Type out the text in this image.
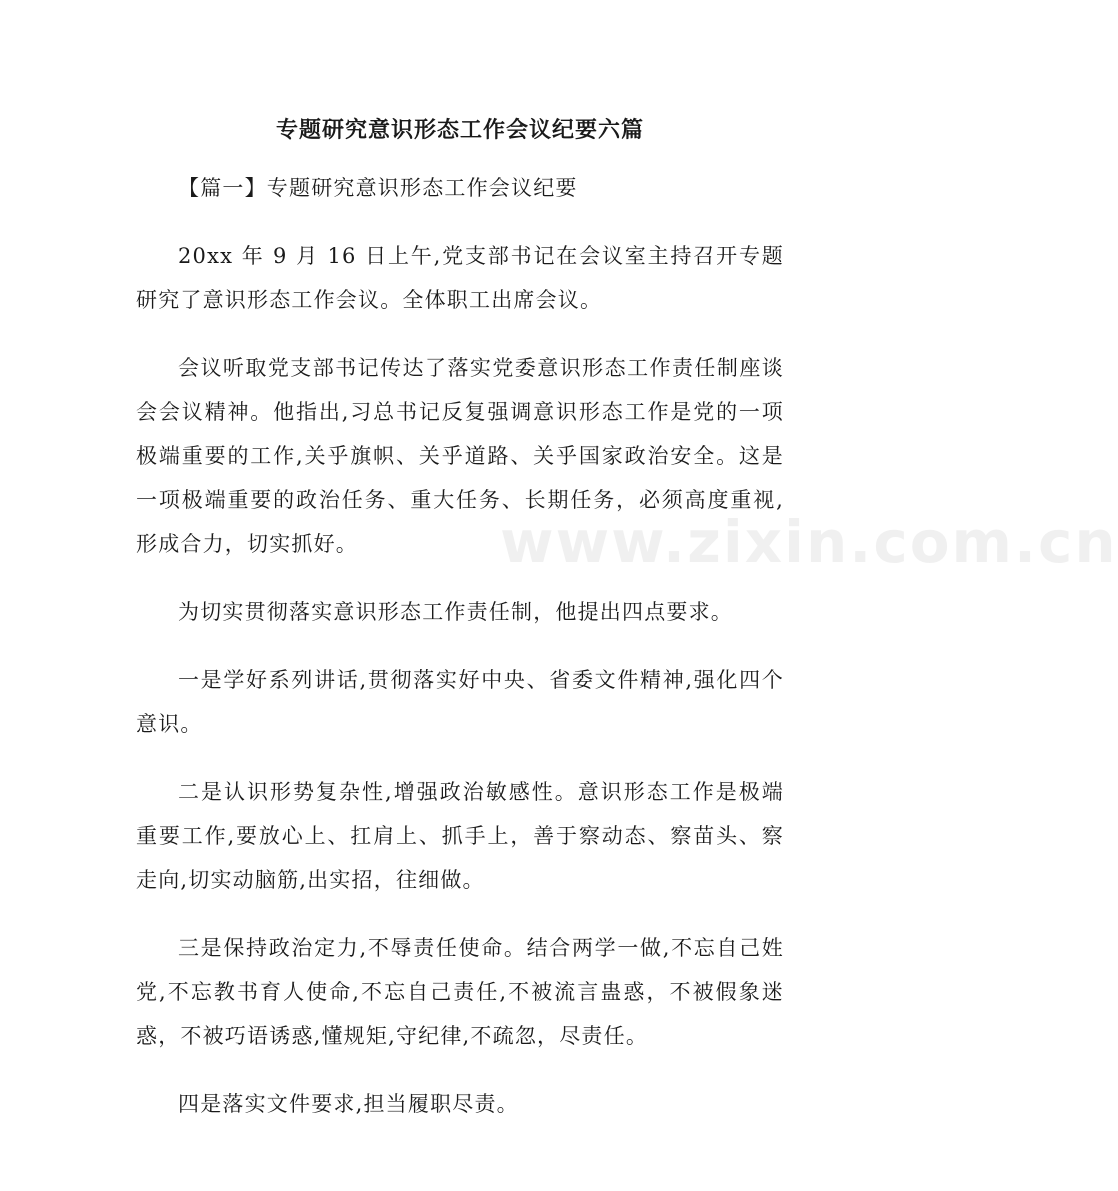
专题研究意识形态工作会议纪要六篇

【篇一】专题研究意识形态工作会议纪要

20xx 年 9 月 16 日上午,党支部书记在会议室主持召开专题研究了意识形态工作会议。全体职工出席会议。

会议听取党支部书记传达了落实党委意识形态工作责任制座谈会会议精神。他指出,习总书记反复强调意识形态工作是党的一项极端重要的工作,关乎旗帜、关乎道路、关乎国家政治安全。这是一项极端重要的政治任务、重大任务、长期任务，必须高度重视,形成合力，切实抓好。

为切实贯彻落实意识形态工作责任制，他提出四点要求。

一是学好系列讲话,贯彻落实好中央、省委文件精神,强化四个意识。

二是认识形势复杂性,增强政治敏感性。意识形态工作是极端重要工作,要放心上、扛肩上、抓手上，善于察动态、察苗头、察走向,切实动脑筋,出实招，往细做。

三是保持政治定力,不辱责任使命。结合两学一做,不忘自己姓党,不忘教书育人使命,不忘自己责任,不被流言蛊惑，不被假象迷惑，不被巧语诱惑,懂规矩,守纪律,不疏忽，尽责任。

四是落实文件要求,担当履职尽责。

www.zixin.com.cn
